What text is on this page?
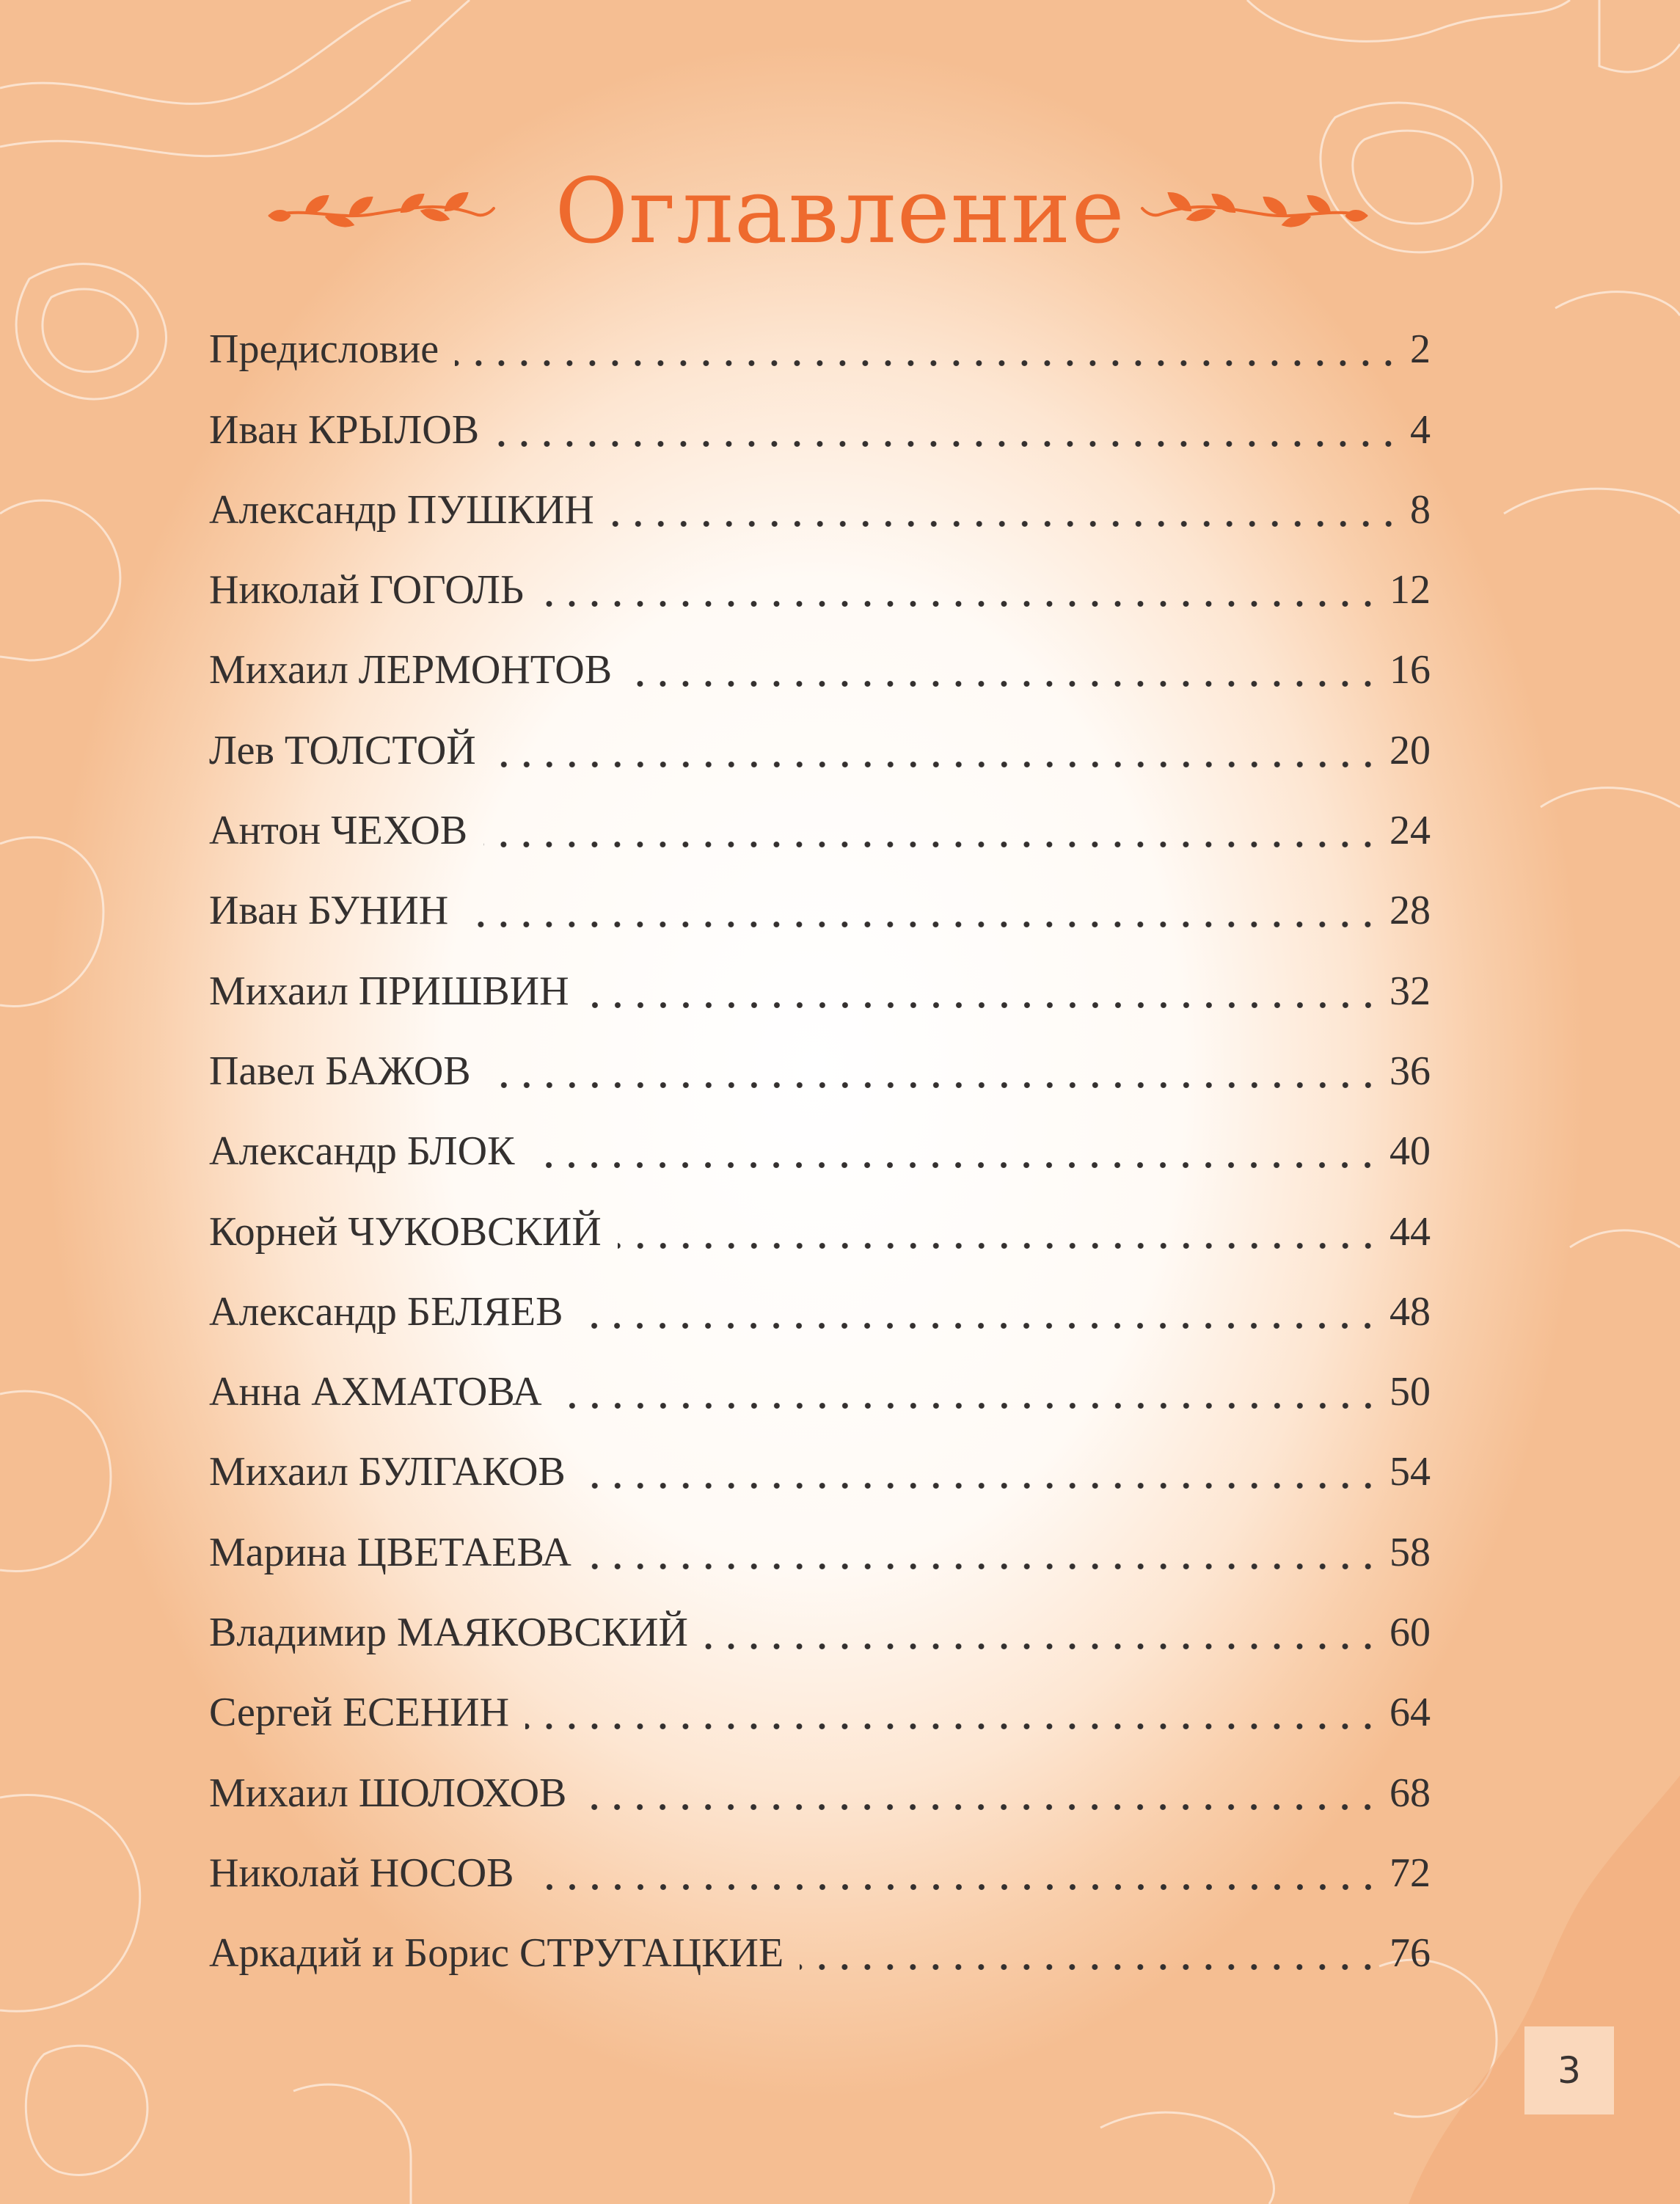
Оглавление
Предисловие	2
Иван КРЫЛОВ	4
Александр ПУШКИН	8
Николай ГОГОЛЬ	12
Михаил ЛЕРМОНТОВ	16
Лев ТОЛСТОЙ	20
Антон ЧЕХОВ	24
Иван БУНИН	28
Михаил ПРИШВИН	32
Павел БАЖОВ	36
Александр БЛОК	40
Корней ЧУКОВСКИЙ	44
Александр БЕЛЯЕВ	48
Анна АХМАТОВА	50
Михаил БУЛГАКОВ	54
Марина ЦВЕТАЕВА	58
Владимир МАЯКОВСКИЙ	60
Сергей ЕСЕНИН	64
Михаил ШОЛОХОВ	68
Николай НОСОВ	72
Аркадий и Борис СТРУГАЦКИЕ	76
3
